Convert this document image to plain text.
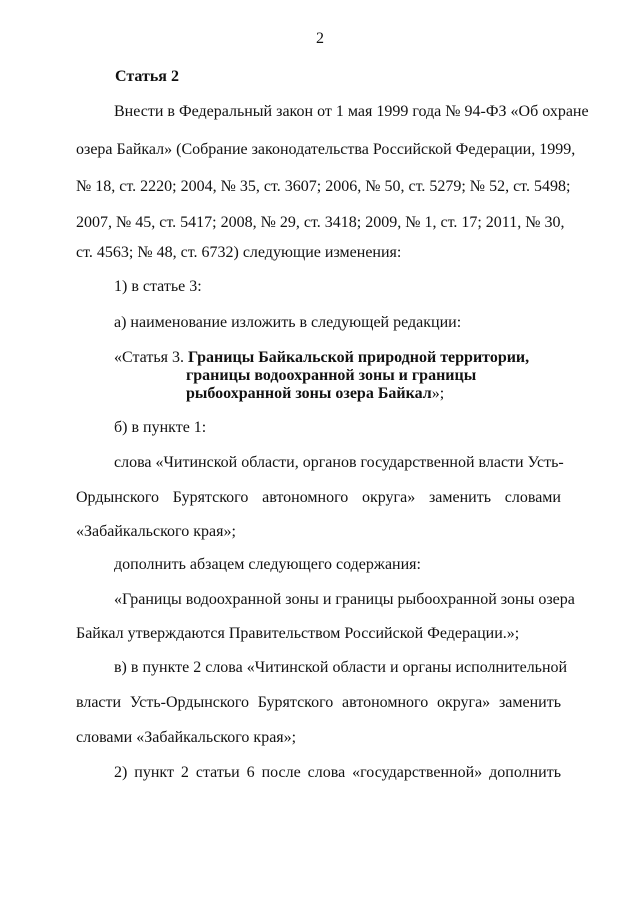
2
Статья 2
Внести в Федеральный закон от 1 мая 1999 года № 94-ФЗ «Об охране
озера Байкал» (Собрание законодательства Российской Федерации, 1999,
№ 18, ст. 2220; 2004, № 35, ст. 3607; 2006, № 50, ст. 5279; № 52, ст. 5498;
2007, № 45, ст. 5417; 2008, № 29, ст. 3418; 2009, № 1, ст. 17; 2011, № 30,
ст. 4563; № 48, ст. 6732) следующие изменения:
1) в статье 3:
а) наименование изложить в следующей редакции:
«Статья 3. Границы Байкальской природной территории,
границы водоохранной зоны и границы
рыбоохранной зоны озера Байкал»;
б) в пункте 1:
слова «Читинской области, органов государственной власти Усть-
Ордынского Бурятского автономного округа» заменить словами
«Забайкальского края»;
дополнить абзацем следующего содержания:
«Границы водоохранной зоны и границы рыбоохранной зоны озера
Байкал утверждаются Правительством Российской Федерации.»;
в) в пункте 2 слова «Читинской области и органы исполнительной
власти Усть-Ордынского Бурятского автономного округа» заменить
словами «Забайкальского края»;
2) пункт 2 статьи 6 после слова «государственной» дополнить
